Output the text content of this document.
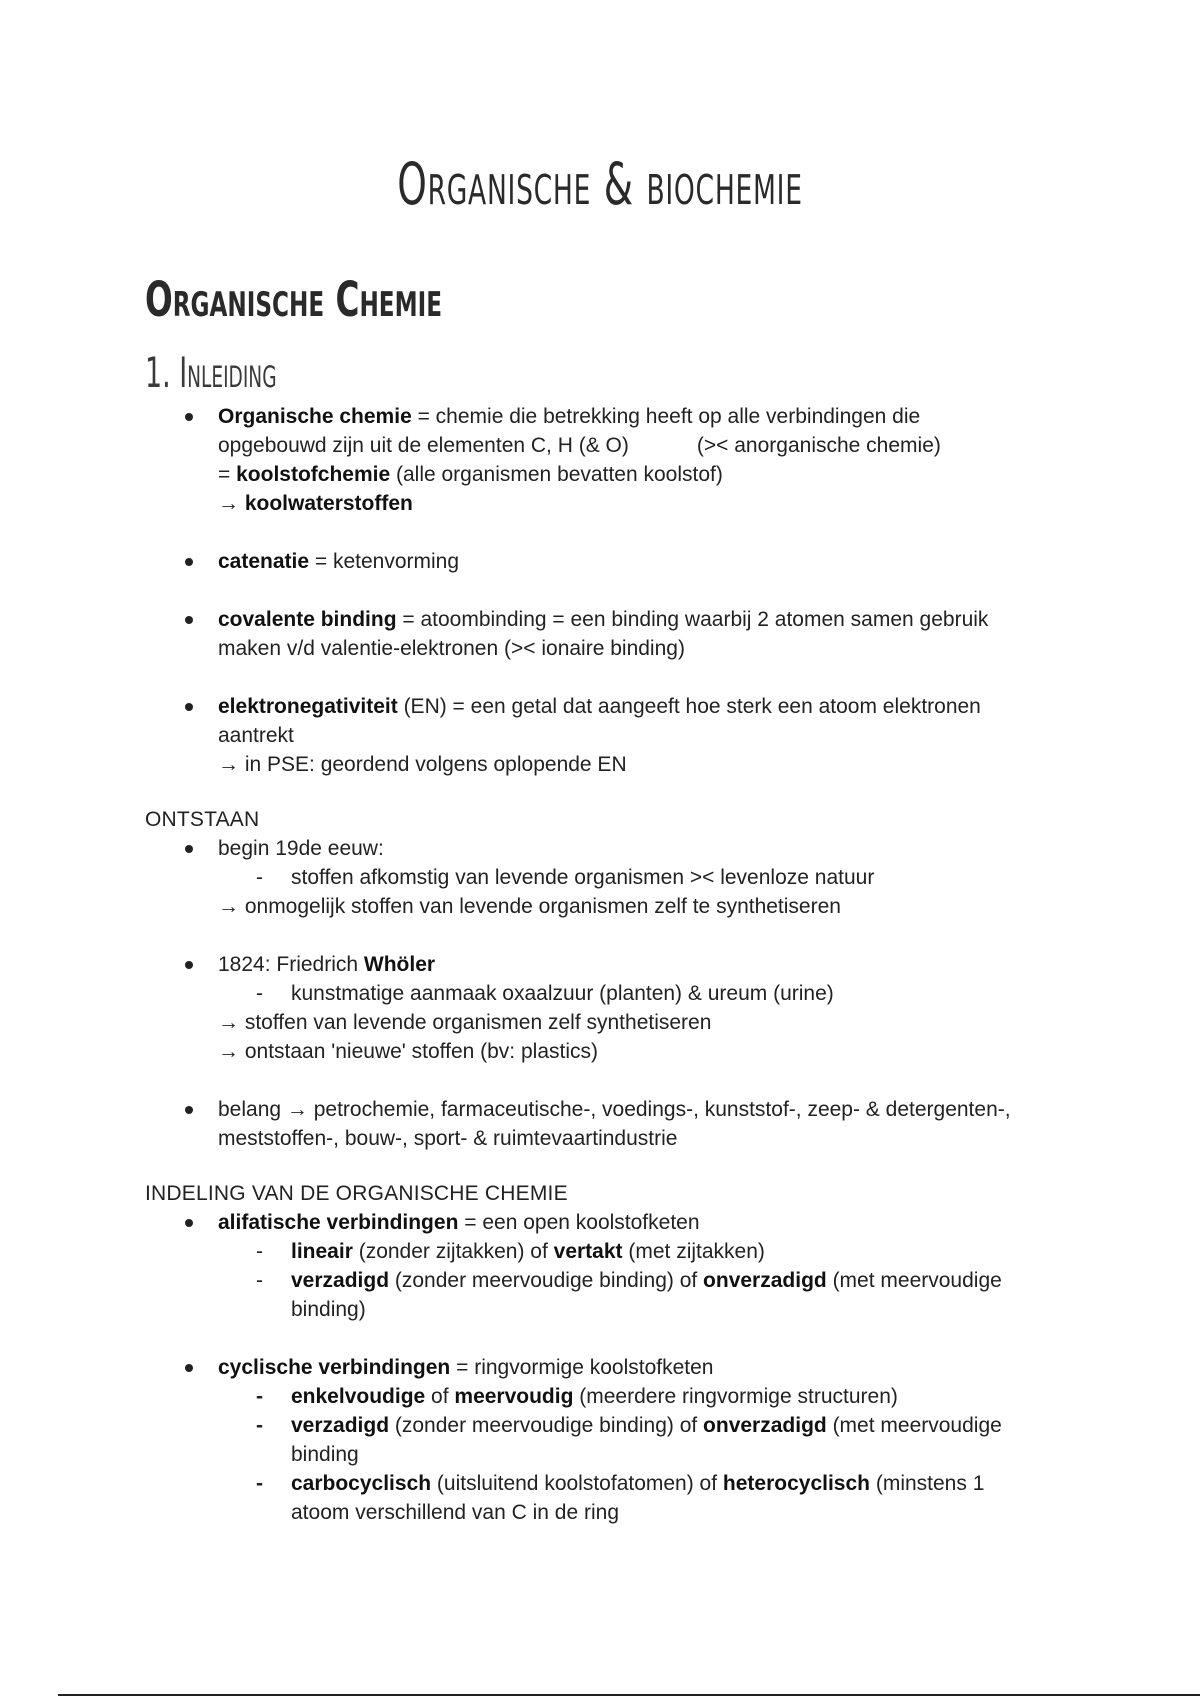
Organische & biochemie
Organische Chemie
1. Inleiding
Organische chemie = chemie die betrekking heeft op alle verbindingen die
opgebouwd zijn uit de elementen C, H (& O)	(>< anorganische chemie)
= koolstofchemie (alle organismen bevatten koolstof)
→ koolwaterstoffen
catenatie = ketenvorming
covalente binding = atoombinding = een binding waarbij 2 atomen samen gebruik
maken v/d valentie-elektronen (>< ionaire binding)
elektronegativiteit (EN) = een getal dat aangeeft hoe sterk een atoom elektronen
aantrekt
→ in PSE: geordend volgens oplopende EN
ONTSTAAN
begin 19de eeuw:
- stoffen afkomstig van levende organismen >< levenloze natuur
→ onmogelijk stoffen van levende organismen zelf te synthetiseren
1824: Friedrich Whöler
- kunstmatige aanmaak oxaalzuur (planten) & ureum (urine)
→ stoffen van levende organismen zelf synthetiseren
→ ontstaan 'nieuwe' stoffen (bv: plastics)
belang → petrochemie, farmaceutische-, voedings-, kunststof-, zeep- & detergenten-,
meststoffen-, bouw-, sport- & ruimtevaartindustrie
INDELING VAN DE ORGANISCHE CHEMIE
alifatische verbindingen = een open koolstofketen
- lineair (zonder zijtakken) of vertakt (met zijtakken)
- verzadigd (zonder meervoudige binding) of onverzadigd (met meervoudige
binding)
cyclische verbindingen = ringvormige koolstofketen
- enkelvoudige of meervoudig (meerdere ringvormige structuren)
- verzadigd (zonder meervoudige binding) of onverzadigd (met meervoudige
binding
- carbocyclisch (uitsluitend koolstofatomen) of heterocyclisch (minstens 1
atoom verschillend van C in de ring
